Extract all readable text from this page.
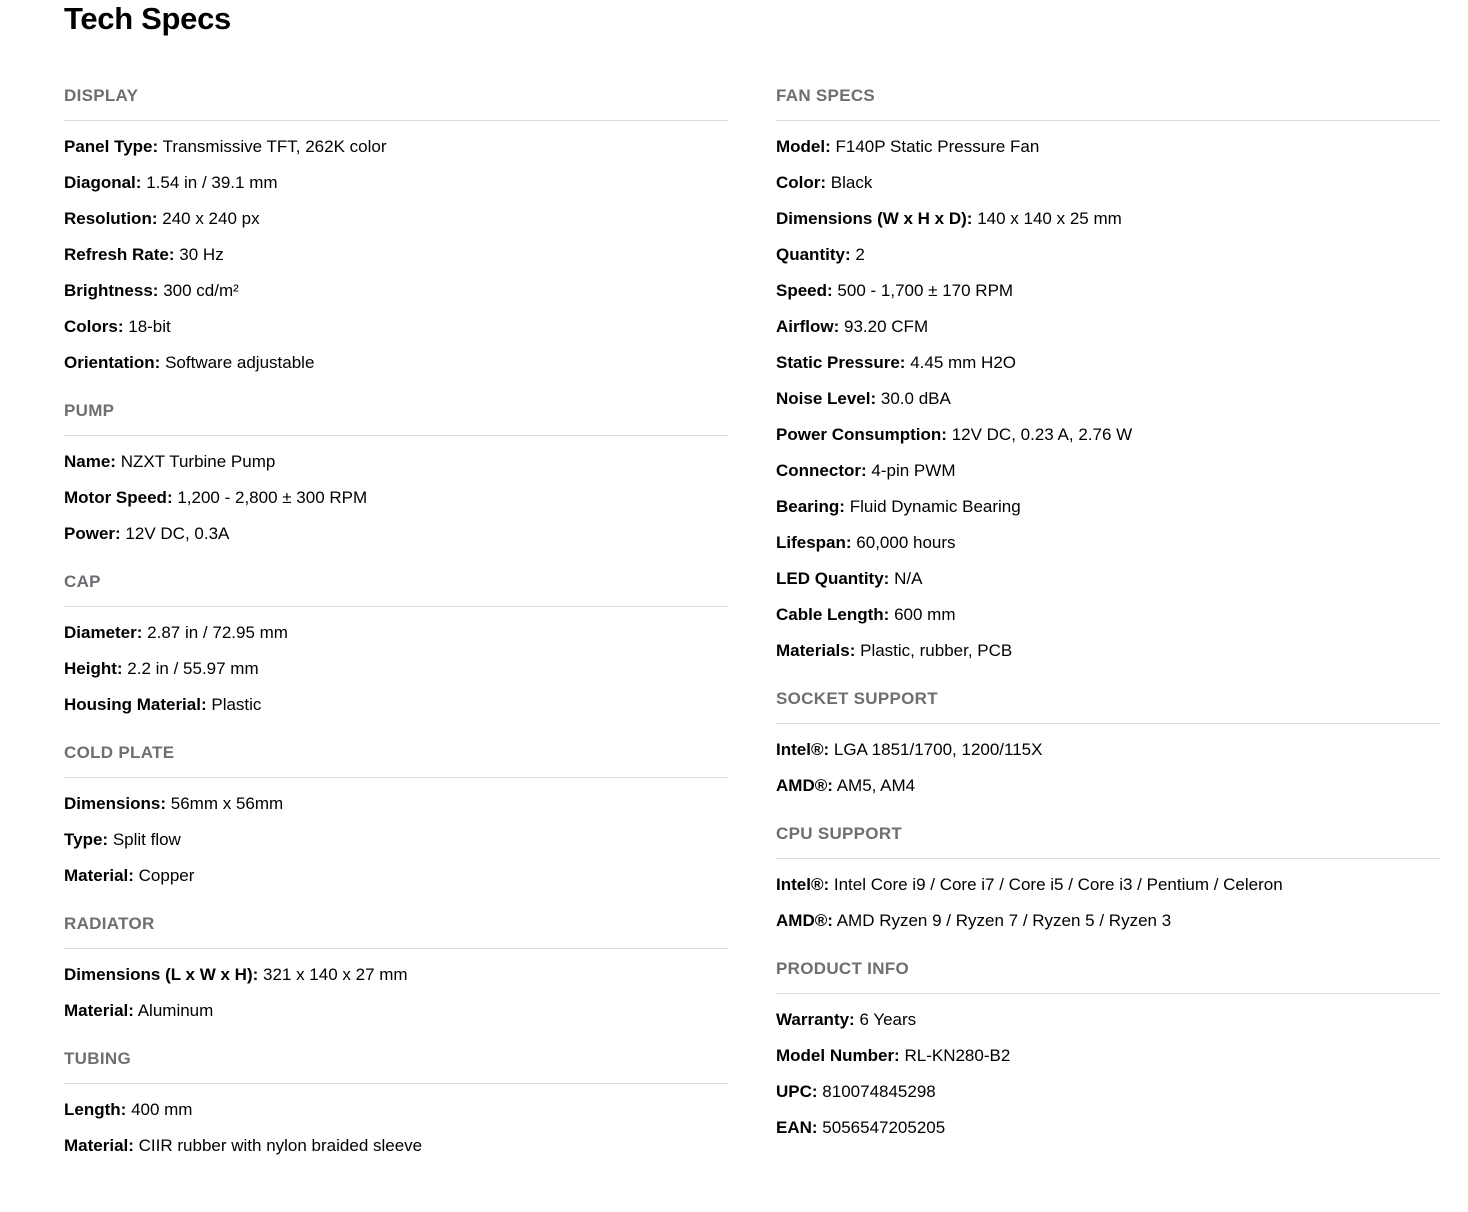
Tech Specs
DISPLAY
Panel Type: Transmissive TFT, 262K color
Diagonal: 1.54 in / 39.1 mm
Resolution: 240 x 240 px
Refresh Rate: 30 Hz
Brightness: 300 cd/m²
Colors: 18-bit
Orientation: Software adjustable
PUMP
Name: NZXT Turbine Pump
Motor Speed: 1,200 - 2,800 ± 300 RPM
Power: 12V DC, 0.3A
CAP
Diameter: 2.87 in / 72.95 mm
Height: 2.2 in / 55.97 mm
Housing Material: Plastic
COLD PLATE
Dimensions: 56mm x 56mm
Type: Split flow
Material: Copper
RADIATOR
Dimensions (L x W x H): 321 x 140 x 27 mm
Material: Aluminum
TUBING
Length: 400 mm
Material: CIIR rubber with nylon braided sleeve
FAN SPECS
Model: F140P Static Pressure Fan
Color: Black
Dimensions (W x H x D): 140 x 140 x 25 mm
Quantity: 2
Speed: 500 - 1,700 ± 170 RPM
Airflow: 93.20 CFM
Static Pressure: 4.45 mm H2O
Noise Level: 30.0 dBA
Power Consumption: 12V DC, 0.23 A, 2.76 W
Connector: 4-pin PWM
Bearing: Fluid Dynamic Bearing
Lifespan: 60,000 hours
LED Quantity: N/A
Cable Length: 600 mm
Materials: Plastic, rubber, PCB
SOCKET SUPPORT
Intel®: LGA 1851/1700, 1200/115X
AMD®: AM5, AM4
CPU SUPPORT
Intel®: Intel Core i9 / Core i7 / Core i5 / Core i3 / Pentium / Celeron
AMD®: AMD Ryzen 9 / Ryzen 7 / Ryzen 5 / Ryzen 3
PRODUCT INFO
Warranty: 6 Years
Model Number: RL-KN280-B2
UPC: 810074845298
EAN: 5056547205205
